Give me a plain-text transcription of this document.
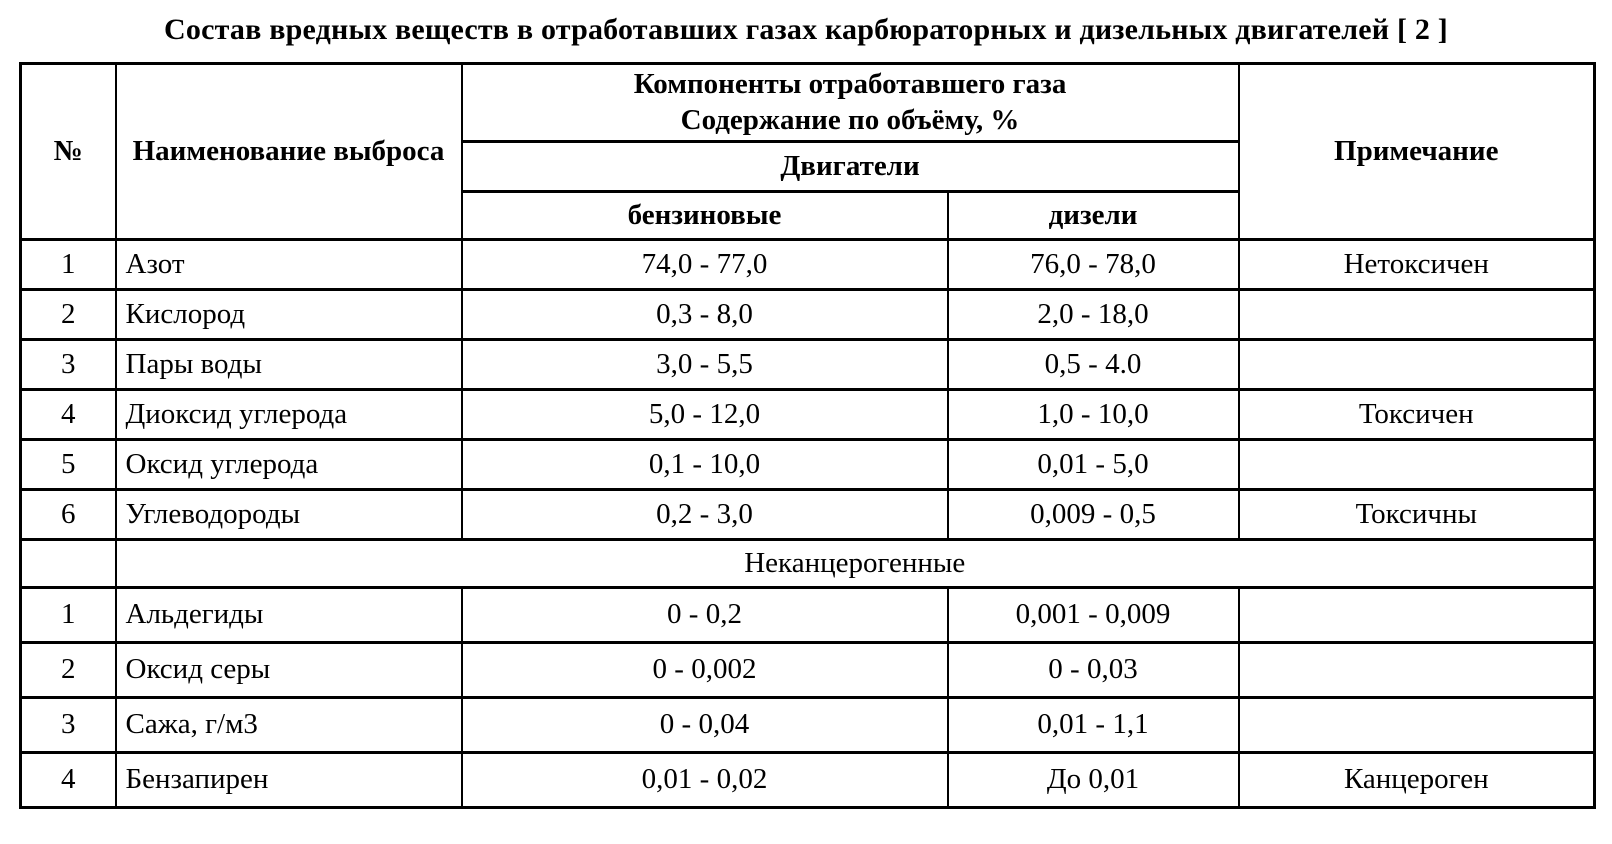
Состав вредных веществ в отработавших газах карбюраторных и дизельных двигателей [ 2 ]
№	Наименование выброса	Компоненты отработавшего газа
Содержание по объёму, %		Примечание
		Двигатели		
		бензиновые	дизели	
1	Азот	74,0 - 77,0	76,0 - 78,0	Нетоксичен
2	Кислород	0,3 - 8,0	2,0 - 18,0	
3	Пары воды	3,0 - 5,5	0,5 - 4.0	
4	Диоксид углерода	5,0 - 12,0	1,0 - 10,0	Токсичен
5	Оксид углерода	0,1 - 10,0	0,01 - 5,0	
6	Углеводороды	0,2 - 3,0	0,009 - 0,5	Токсичны
	Неканцерогенные			
1	Альдегиды	0 - 0,2	0,001 - 0,009	
2	Оксид серы	0 - 0,002	0 - 0,03	
3	Сажа, г/м3	0 - 0,04	0,01 - 1,1	
4	Бензапирен	0,01 - 0,02	До 0,01	Канцероген
